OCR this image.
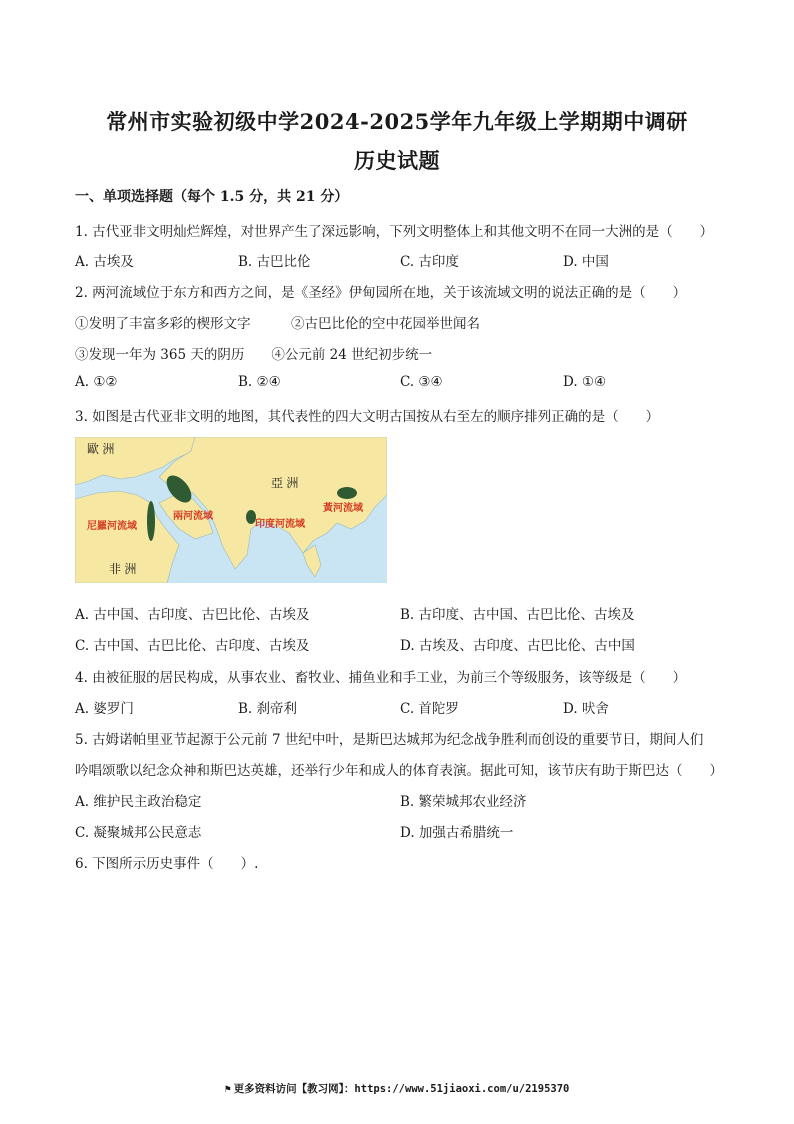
常州市实验初级中学2024-2025学年九年级上学期期中调研
历史试题
一、单项选择题（每个 1.5 分，共 21 分）
1. 古代亚非文明灿烂辉煌，对世界产生了深远影响，下列文明整体上和其他文明不在同一大洲的是（　　）
A. 古埃及	B. 古巴比伦	C. 古印度	D. 中国
2. 两河流域位于东方和西方之间，是《圣经》伊甸园所在地，关于该流域文明的说法正确的是（　　）
①发明了丰富多彩的楔形文字　　　②古巴比伦的空中花园举世闻名
③发现一年为 365 天的阴历　　④公元前 24 世纪初步统一
A. ①②	B. ②④	C. ③④	D. ①④
3. 如图是古代亚非文明的地图，其代表性的四大文明古国按从右至左的顺序排列正确的是（　　）
歐 洲
亞 洲
非 洲
尼羅河流域
兩河流域
印度河流域
黃河流域
A. 古中国、古印度、古巴比伦、古埃及	B. 古印度、古中国、古巴比伦、古埃及
C. 古中国、古巴比伦、古印度、古埃及	D. 古埃及、古印度、古巴比伦、古中国
4. 由被征服的居民构成，从事农业、畜牧业、捕鱼业和手工业，为前三个等级服务，该等级是（　　）
A. 婆罗门	B. 刹帝利	C. 首陀罗	D. 吠舍
5. 古姆诺帕里亚节起源于公元前 7 世纪中叶，是斯巴达城邦为纪念战争胜利而创设的重要节日，期间人们
吟唱颂歌以纪念众神和斯巴达英雄，还举行少年和成人的体育表演。据此可知，该节庆有助于斯巴达（　　）
A. 维护民主政治稳定	B. 繁荣城邦农业经济
C. 凝聚城邦公民意志	D. 加强古希腊统一
6. 下图所示历史事件（　　）.
⚑ 更多资料访问【教习网】：https://www.51jiaoxi.com/u/2195370
